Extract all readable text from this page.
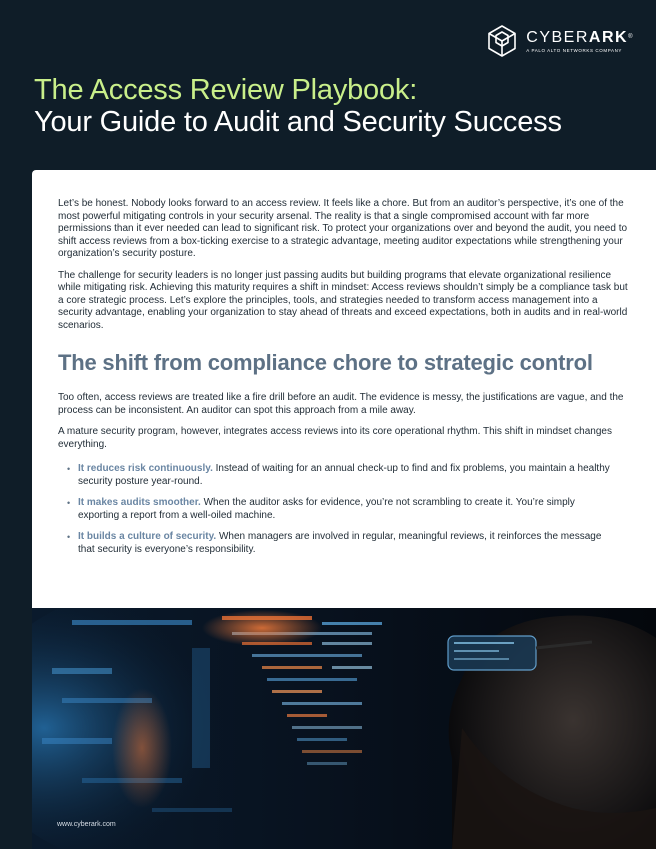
CYBERARK®
A PALO ALTO NETWORKS COMPANY
The Access Review Playbook:
Your Guide to Audit and Security Success

Let’s be honest. Nobody looks forward to an access review. It feels like a chore. But from an auditor’s perspective, it’s one of the most powerful mitigating controls in your security arsenal. The reality is that a single compromised account with far more permissions than it ever needed can lead to significant risk. To protect your organizations over and beyond the audit, you need to shift access reviews from a box-ticking exercise to a strategic advantage, meeting auditor expectations while strengthening your organization’s security posture.

The challenge for security leaders is no longer just passing audits but building programs that elevate organizational resilience while mitigating risk. Achieving this maturity requires a shift in mindset: Access reviews shouldn’t simply be a compliance task but a core strategic process. Let’s explore the principles, tools, and strategies needed to transform access management into a security advantage, enabling your organization to stay ahead of threats and exceed expectations, both in audits and in real-world scenarios.

The shift from compliance chore to strategic control

Too often, access reviews are treated like a fire drill before an audit. The evidence is messy, the justifications are vague, and the process can be inconsistent. An auditor can spot this approach from a mile away.

A mature security program, however, integrates access reviews into its core operational rhythm. This shift in mindset changes everything.

• It reduces risk continuously. Instead of waiting for an annual check-up to find and fix problems, you maintain a healthy security posture year-round.
• It makes audits smoother. When the auditor asks for evidence, you’re not scrambling to create it. You’re simply exporting a report from a well-oiled machine.
• It builds a culture of security. When managers are involved in regular, meaningful reviews, it reinforces the message that security is everyone’s responsibility.
www.cyberark.com
